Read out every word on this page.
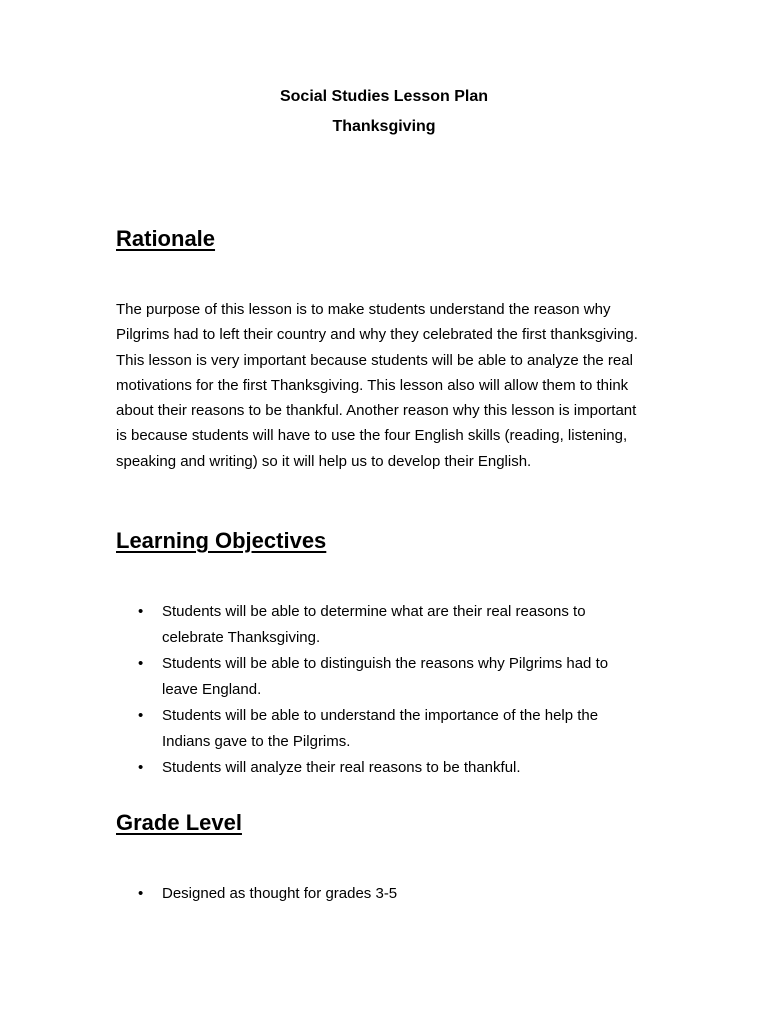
Social Studies Lesson Plan
Thanksgiving
Rationale

The purpose of this lesson is to make students understand the reason why Pilgrims had to left their country and why they celebrated the first thanksgiving. This lesson is very important because students will be able to analyze the real motivations for the first Thanksgiving. This lesson also will allow them to think about their reasons to be thankful. Another reason why this lesson is important is because students will have to use the four English skills (reading, listening, speaking and writing) so it will help us to develop their English.

Learning Objectives
• Students will be able to determine what are their real reasons to celebrate Thanksgiving.
• Students will be able to distinguish the reasons why Pilgrims had to leave England.
• Students will be able to understand the importance of the help the Indians gave to the Pilgrims.
• Students will analyze their real reasons to be thankful.
Grade Level
• Designed as thought for grades 3-5
